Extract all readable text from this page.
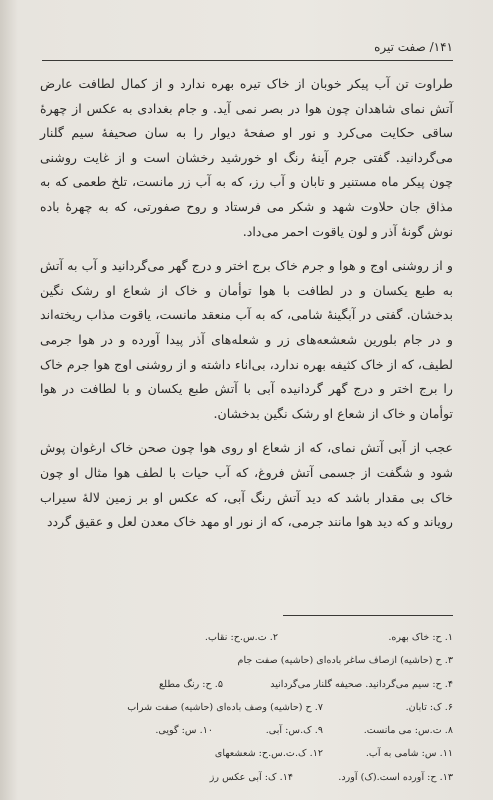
۱۴۱/ صفت تیره

طراوت تن آب پیکر خوبان از خاک تیره بهره ندارد و از کمال لطافت عارض آتش نمای شاهدان چون هوا در بصر نمی آید. و جام بغدادی به عکس از چهرهٔ ساقی حکایت می‌کرد و نور او صفحهٔ دیوار را به سان صحیفهٔ سیم گلنار می‌گردانید. گفتی جرم آینهٔ رنگ او خورشید رخشان است و از غایت روشنی چون پیکر ماه مستنیر و تابان و آب رز، که به آب زر مانست، تلخ طعمی که به مذاق جان حلاوت شهد و شکر می فرستاد و روح صفورتی، که به چهرهٔ باده نوش گونهٔ آذر و لون یاقوت احمر می‌داد.

و از روشنی اوج و هوا و جرم خاک برج اختر و درج گهر می‌گردانید و آب به آتش به طبع یکسان و در لطافت با هوا توأمان و خاک از شعاع او رشک نگین بدخشان. گفتی در آبگینهٔ شامی، که به آب منعقد مانست، یاقوت مذاب ریخته‌اند و در جام بلورین شعشعه‌های زر و شعله‌های آذر پیدا آورده و در هوا جرمی لطیف، که از خاک کثیفه بهره ندارد، بی‌اناء داشته و از روشنی اوج هوا جرم خاک را برج اختر و درج گهر گردانیده آبی با آتش طبع یکسان و با لطافت در هوا توأمان و خاک از شعاع او رشک نگین بدخشان.

عجب از آبی آتش نمای، که از شعاع او روی هوا چون صحن خاک ارغوان پوش شود و شگفت از جسمی آتش فروغ، که آب حیات با لطف هوا مثال او چون خاک بی مقدار باشد که دید آتش رنگ آبی، که عکس او بر زمین لالهٔ سیراب رویاند و که دید هوا مانند جرمی، که از نور او مهد خاک معدن لعل و عقیق گردد

۱. ح: خاک بهره.
۲. ت.س.ح: نقاب.
۳. ح (حاشیه) ازصاف ساغر باده‌ای (حاشیه) صفت جام
۴. ح: سیم می‌گردانید. صحیفه گلنار می‌گردانید
۵. ح: رنگ مطلع
۶. ک: تابان.
۷. ح (حاشیه) وصف باده‌ای (حاشیه) صفت شراب
۸. ت.س: می مانست.
۹. ک.س: آبی.
۱۰. س: گویی.
۱۱. س: شامی به آب.
۱۲. ک.ت.س.ح: شعشعهای
۱۳. ح: آورده است.(ک) آورد.
۱۴. ک: آبی عکس رز
